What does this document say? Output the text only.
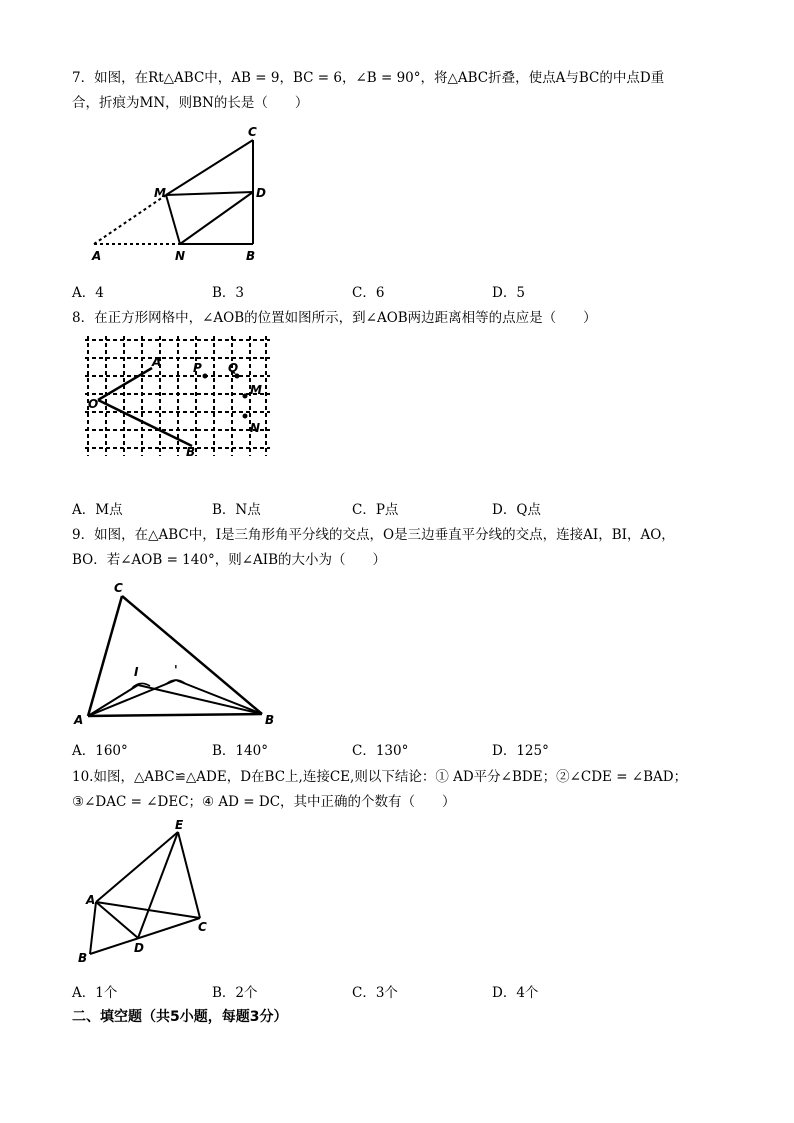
7．如图，在Rt△ABC中，AB = 9，BC = 6，∠B = 90°，将△ABC折叠，使点A与BC的中点D重
合，折痕为MN，则BN的长是（　　）
C
D
M
A	N	B
A．4	B．3	C．6	D．5
8．在正方形网格中，∠AOB的位置如图所示，到∠AOB两边距离相等的点应是（　　）
O
A
B
P Q
M
N
A．M点	B．N点	C．P点	D．Q点
9．如图，在△ABC中，I是三角形角平分线的交点，O是三边垂直平分线的交点，连接AI，BI，AO，
BO．若∠AOB = 140°，则∠AIB的大小为（　　）
C
I	'
A	B
A．160°	B．140°	C．130°	D．125°
10.如图，△ABC≌△ADE，D在BC上,连接CE,则以下结论：① AD平分∠BDE；②∠CDE = ∠BAD；
③∠DAC = ∠DEC；④ AD = DC，其中正确的个数有（　　）
E
A
C
D
B
A．1个	B．2个	C．3个	D．4个
二、填空题（共5小题，每题3分）
